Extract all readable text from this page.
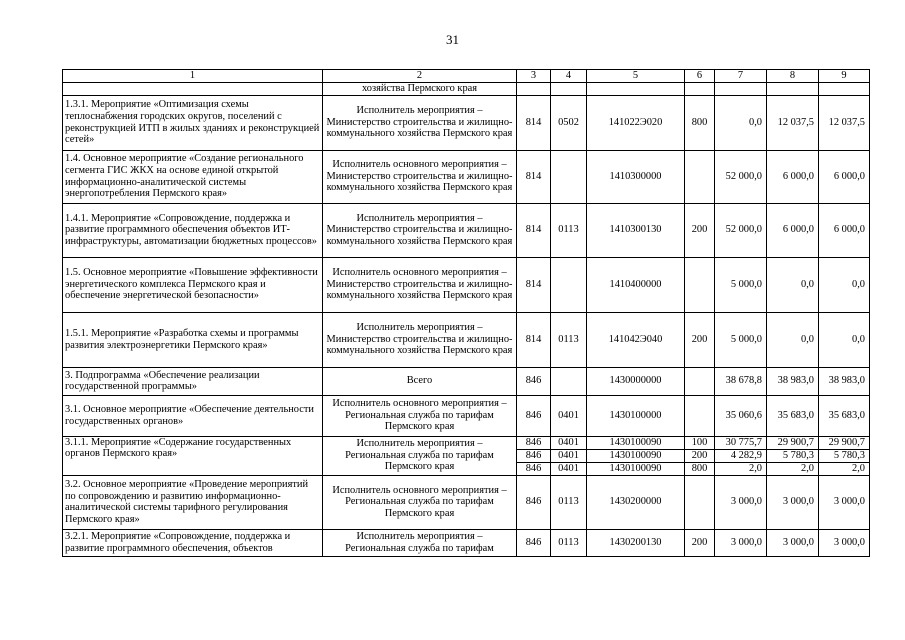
31
1	2	3	4	5	6	7	8	9
	хозяйства Пермского края							
1.3.1. Мероприятие «Оптимизация схемы теплоснабжения городских округов, поселений с реконструкцией ИТП в жилых зданиях и реконструкцией сетей»	Исполнитель мероприятия – Министерство строительства и жилищно-коммунального хозяйства Пермского края	814	0502	141022Э020	800	0,0	12 037,5	12 037,5
1.4. Основное мероприятие «Создание регионального сегмента ГИС ЖКХ на основе единой открытой информационно-аналитической системы энергопотребления Пермского края»	Исполнитель основного мероприятия – Министерство строительства и жилищно-коммунального хозяйства Пермского края	814		1410300000		52 000,0	6 000,0	6 000,0
1.4.1. Мероприятие «Сопровождение, поддержка и развитие программного обеспечения объектов ИТ-инфраструктуры, автоматизации бюджетных процессов»	Исполнитель мероприятия – Министерство строительства и жилищно-коммунального хозяйства Пермского края	814	0113	1410300130	200	52 000,0	6 000,0	6 000,0
1.5. Основное мероприятие «Повышение эффективности энергетического комплекса Пермского края и обеспечение энергетической безопасности»	Исполнитель основного мероприятия – Министерство строительства и жилищно-коммунального хозяйства Пермского края	814		1410400000		5 000,0	0,0	0,0
1.5.1. Мероприятие «Разработка схемы и программы развития электроэнергетики Пермского края»	Исполнитель мероприятия – Министерство строительства и жилищно-коммунального хозяйства Пермского края	814	0113	141042Э040	200	5 000,0	0,0	0,0
3. Подпрограмма «Обеспечение реализации государственной программы»	Всего	846		1430000000		38 678,8	38 983,0	38 983,0
3.1. Основное мероприятие «Обеспечение деятельности государственных органов»	Исполнитель основного мероприятия – Региональная служба по тарифам Пермского края	846	0401	1430100000		35 060,6	35 683,0	35 683,0
3.1.1. Мероприятие «Содержание государственных органов Пермского края»	Исполнитель мероприятия – Региональная служба по тарифам Пермского края	846	0401	1430100090	100	30 775,7	29 900,7	29 900,7
		846	0401	1430100090	200	4 282,9	5 780,3	5 780,3
		846	0401	1430100090	800	2,0	2,0	2,0
3.2. Основное мероприятие «Проведение мероприятий по сопровождению и развитию информационно-аналитической системы тарифного регулирования Пермского края»	Исполнитель основного мероприятия – Региональная служба по тарифам Пермского края	846	0113	1430200000		3 000,0	3 000,0	3 000,0
3.2.1. Мероприятие «Сопровождение, поддержка и развитие программного обеспечения, объектов	Исполнитель мероприятия – Региональная служба по тарифам	846	0113	1430200130	200	3 000,0	3 000,0	3 000,0
